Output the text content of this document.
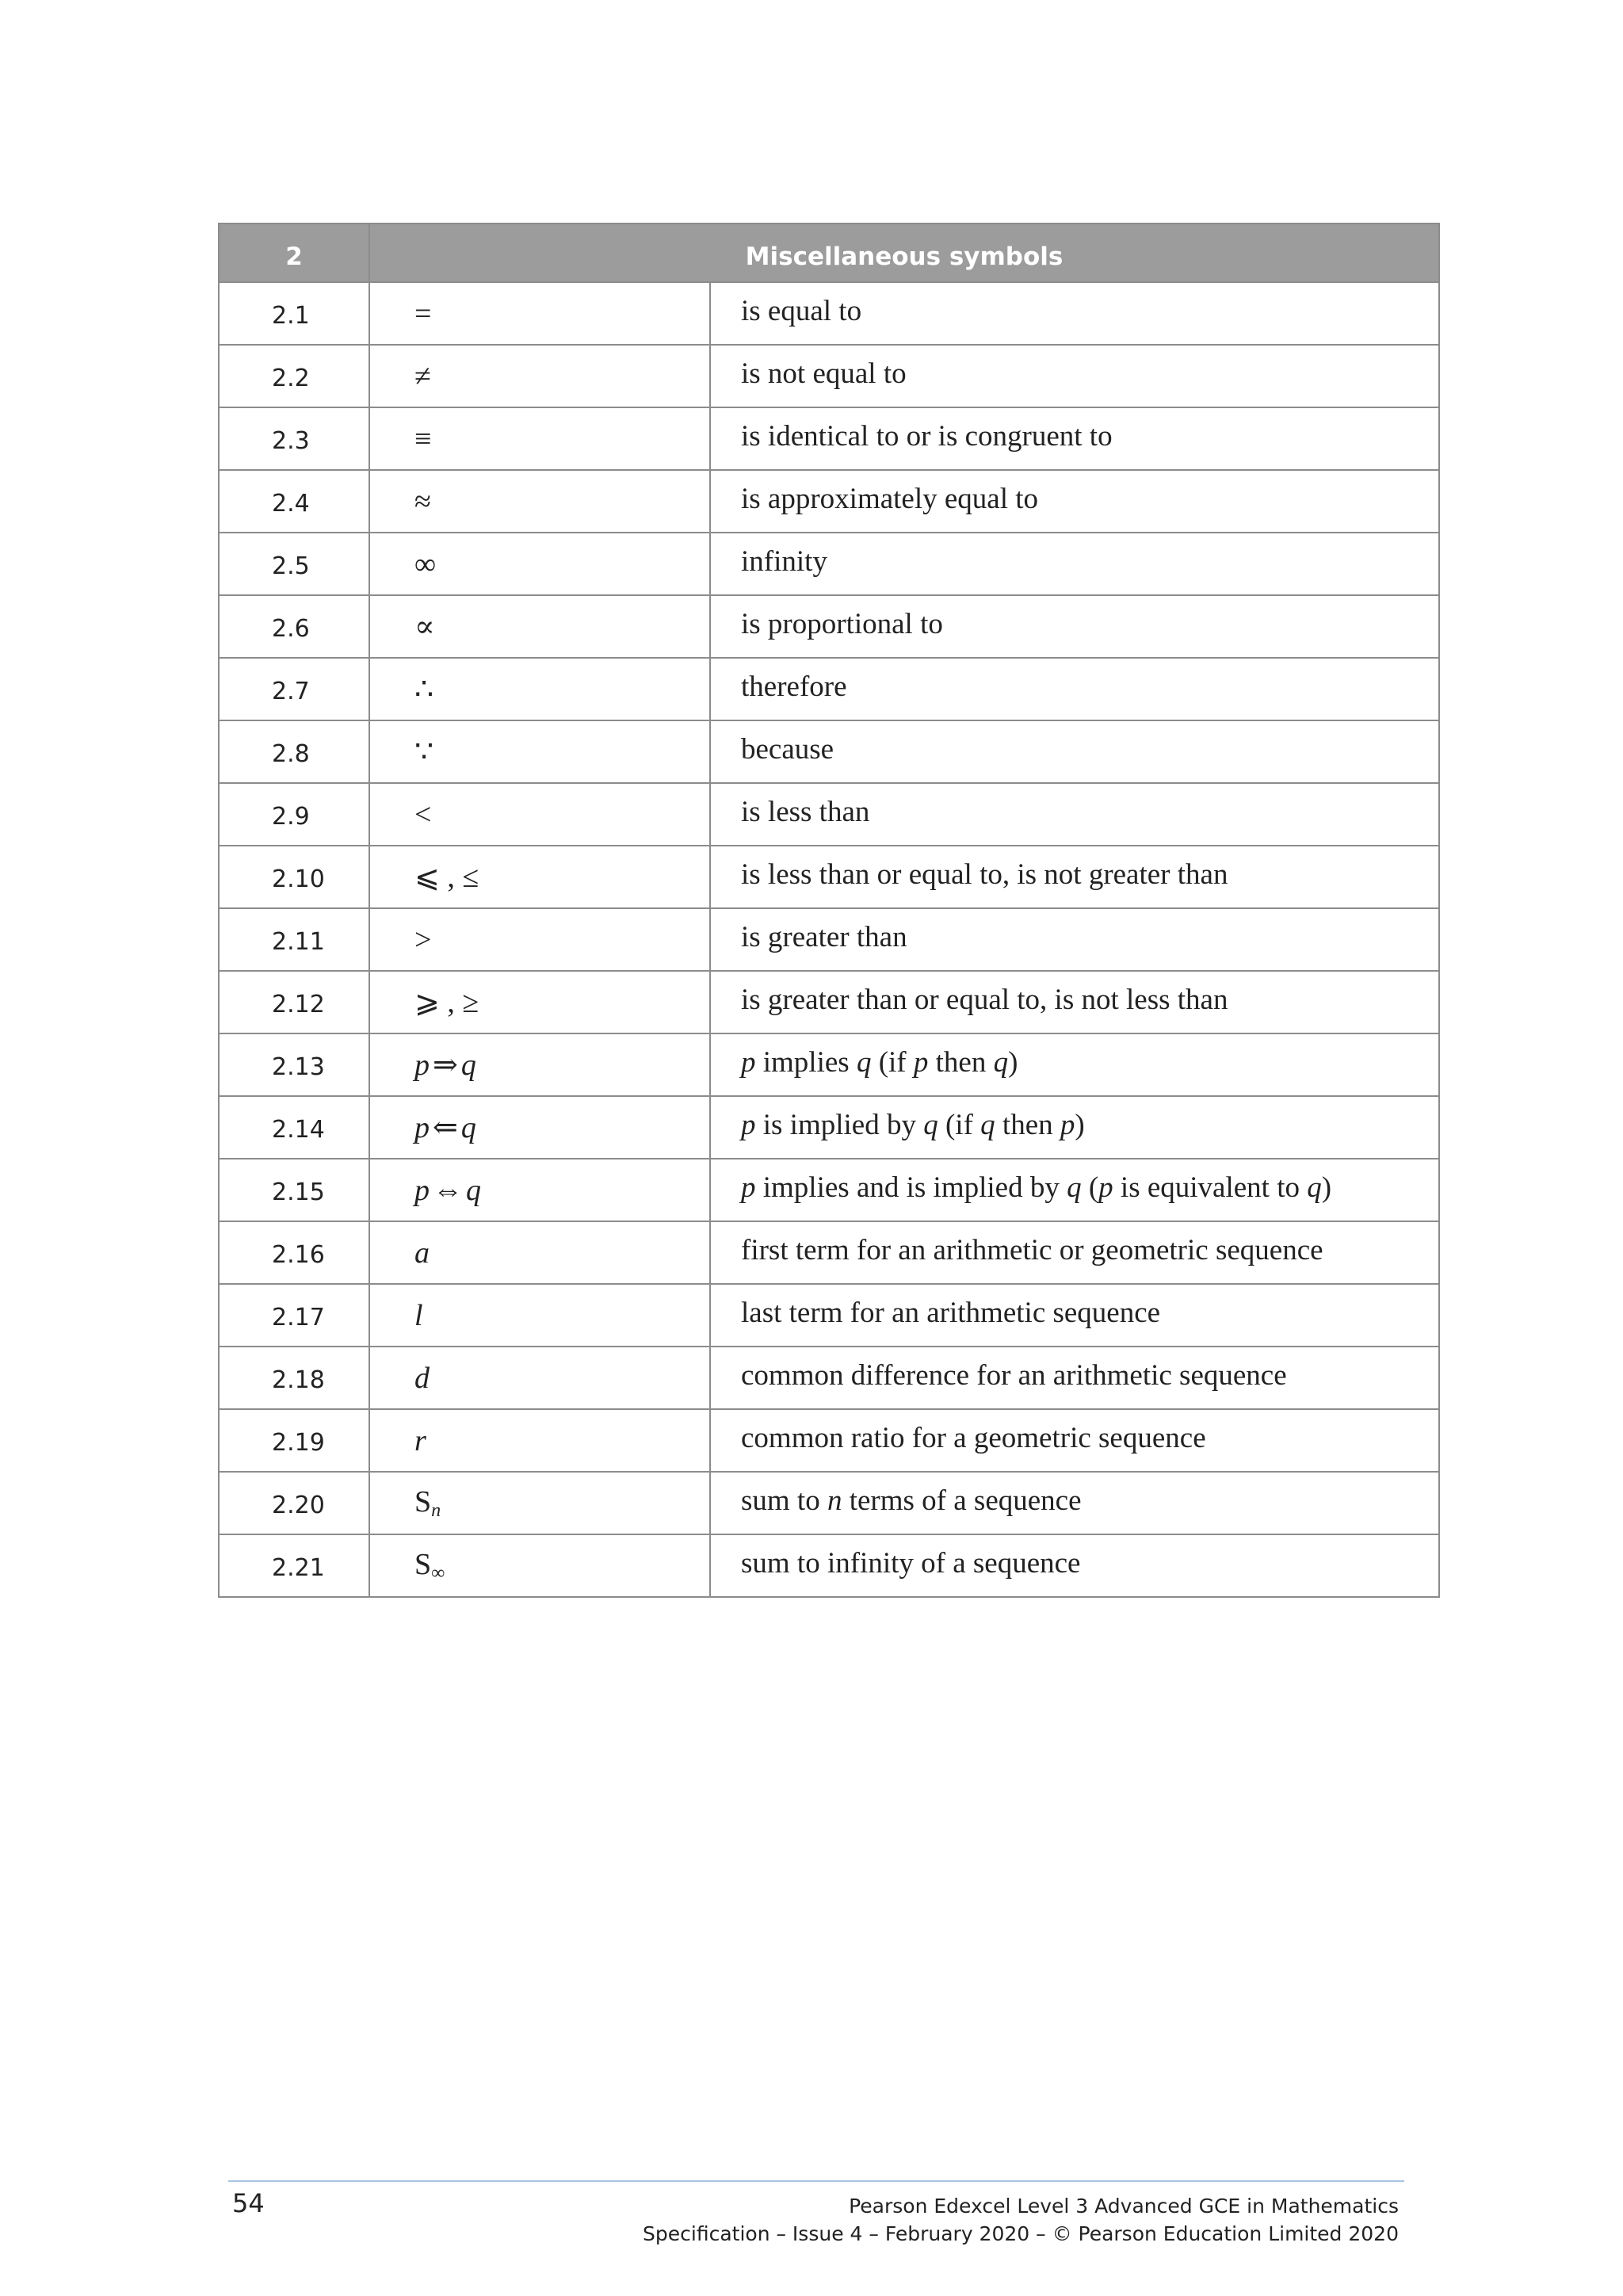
2	Miscellaneous symbols	
2.1	=	is equal to
2.2	≠	is not equal to
2.3	≡	is identical to or is congruent to
2.4	≈	is approximately equal to
2.5	∞	infinity
2.6	∝	is proportional to
2.7	∴	therefore
2.8	∵	because
2.9	<	is less than
2.10	⩽ , ≤	is less than or equal to, is not greater than
2.11	>	is greater than
2.12	⩾ , ≥	is greater than or equal to, is not less than
2.13	p ⇒ q	p implies q (if p then q)
2.14	p ⇐ q	p is implied by q (if q then p)
2.15	p ⇔ q	p implies and is implied by q (p is equivalent to q)
2.16	a	first term for an arithmetic or geometric sequence
2.17	l	last term for an arithmetic sequence
2.18	d	common difference for an arithmetic sequence
2.19	r	common ratio for a geometric sequence
2.20	$S_n$	sum to n terms of a sequence
2.21	$S_\infty$	sum to infinity of a sequence
54	Pearson Edexcel Level 3 Advanced GCE in Mathematics
Specification – Issue 4 – February 2020 – © Pearson Education Limited 2020
